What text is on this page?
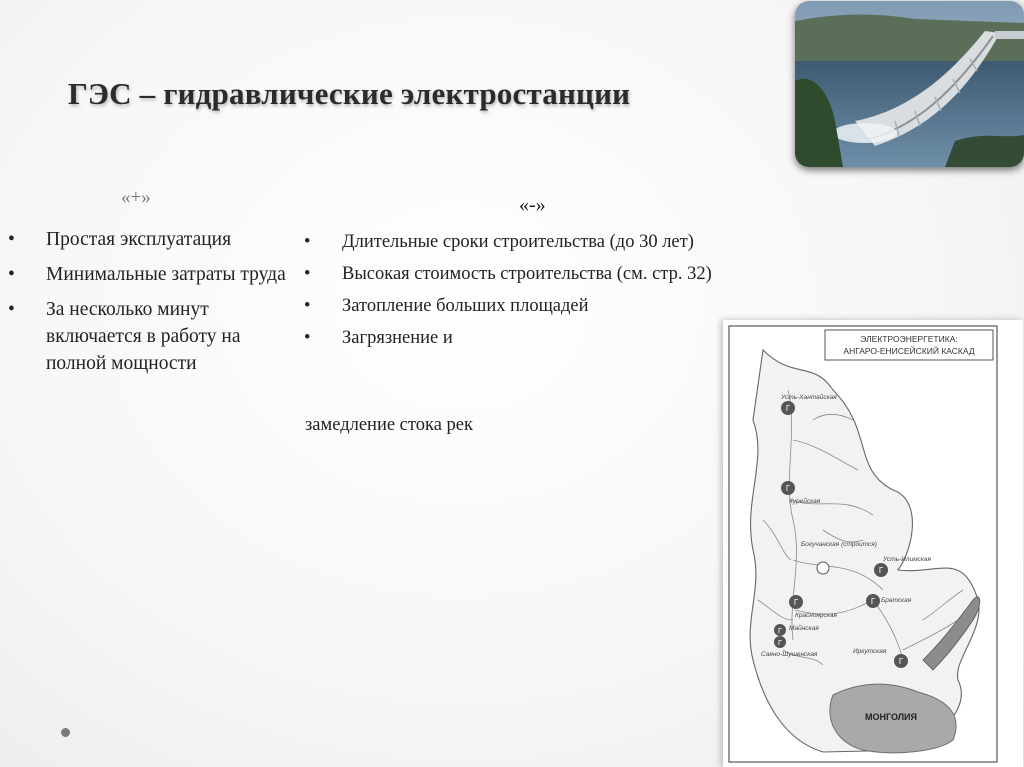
ГЭС – гидравлические электростанции
«+»
• Простая эксплуатация
• Минимальные затраты труда
• За несколько минут включается в работу на полной мощности
«-»
• Длительные сроки строительства (до 30 лет)
• Высокая стоимость строительства (см. стр. 32)
• Затопление больших площадей
• Загрязнение и
замедление стока рек
ЭЛЕКТРОЭНЕРГЕТИКА:
АНГАРО-ЕНИСЕЙСКИЙ КАСКАД
Г
Усть-Хантайская
Г
Курейская
Богучанская (строится)
Г
Усть-Илимская
Г Братская
Г
Красноярская
Г Майнская
Г
Саяно-Шушенская
Г
Иркутская
МОНГОЛИЯ
